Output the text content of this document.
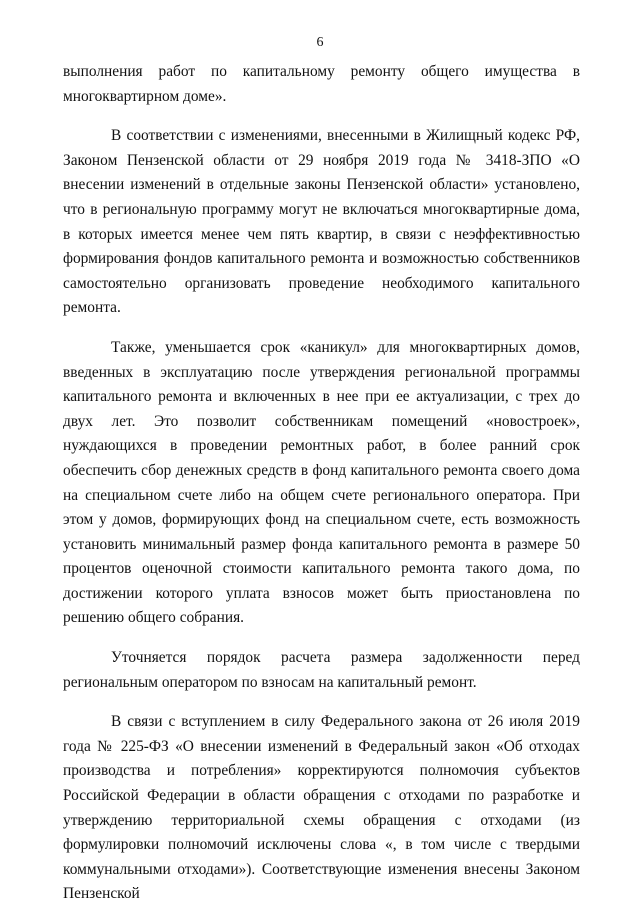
6

выполнения работ по капитальному ремонту общего имущества в многоквартирном доме».

В соответствии с изменениями, внесенными в Жилищный кодекс РФ, Законом Пензенской области от 29 ноября 2019 года № 3418-ЗПО «О внесении изменений в отдельные законы Пензенской области» установлено, что в региональную программу могут не включаться многоквартирные дома, в которых имеется менее чем пять квартир, в связи с неэффективностью формирования фондов капитального ремонта и возможностью собственников самостоятельно организовать проведение необходимого капитального ремонта.

Также, уменьшается срок «каникул» для многоквартирных домов, введенных в эксплуатацию после утверждения региональной программы капитального ремонта и включенных в нее при ее актуализации, с трех до двух лет. Это позволит собственникам помещений «новостроек», нуждающихся в проведении ремонтных работ, в более ранний срок обеспечить сбор денежных средств в фонд капитального ремонта своего дома на специальном счете либо на общем счете регионального оператора. При этом у домов, формирующих фонд на специальном счете, есть возможность установить минимальный размер фонда капитального ремонта в размере 50 процентов оценочной стоимости капитального ремонта такого дома, по достижении которого уплата взносов может быть приостановлена по решению общего собрания.

Уточняется порядок расчета размера задолженности перед региональным оператором по взносам на капитальный ремонт.

В связи с вступлением в силу Федерального закона от 26 июля 2019 года № 225-ФЗ «О внесении изменений в Федеральный закон «Об отходах производства и потребления» корректируются полномочия субъектов Российской Федерации в области обращения с отходами по разработке и утверждению территориальной схемы обращения с отходами (из формулировки полномочий исключены слова «, в том числе с твердыми коммунальными отходами»). Соответствующие изменения внесены Законом Пензенской
